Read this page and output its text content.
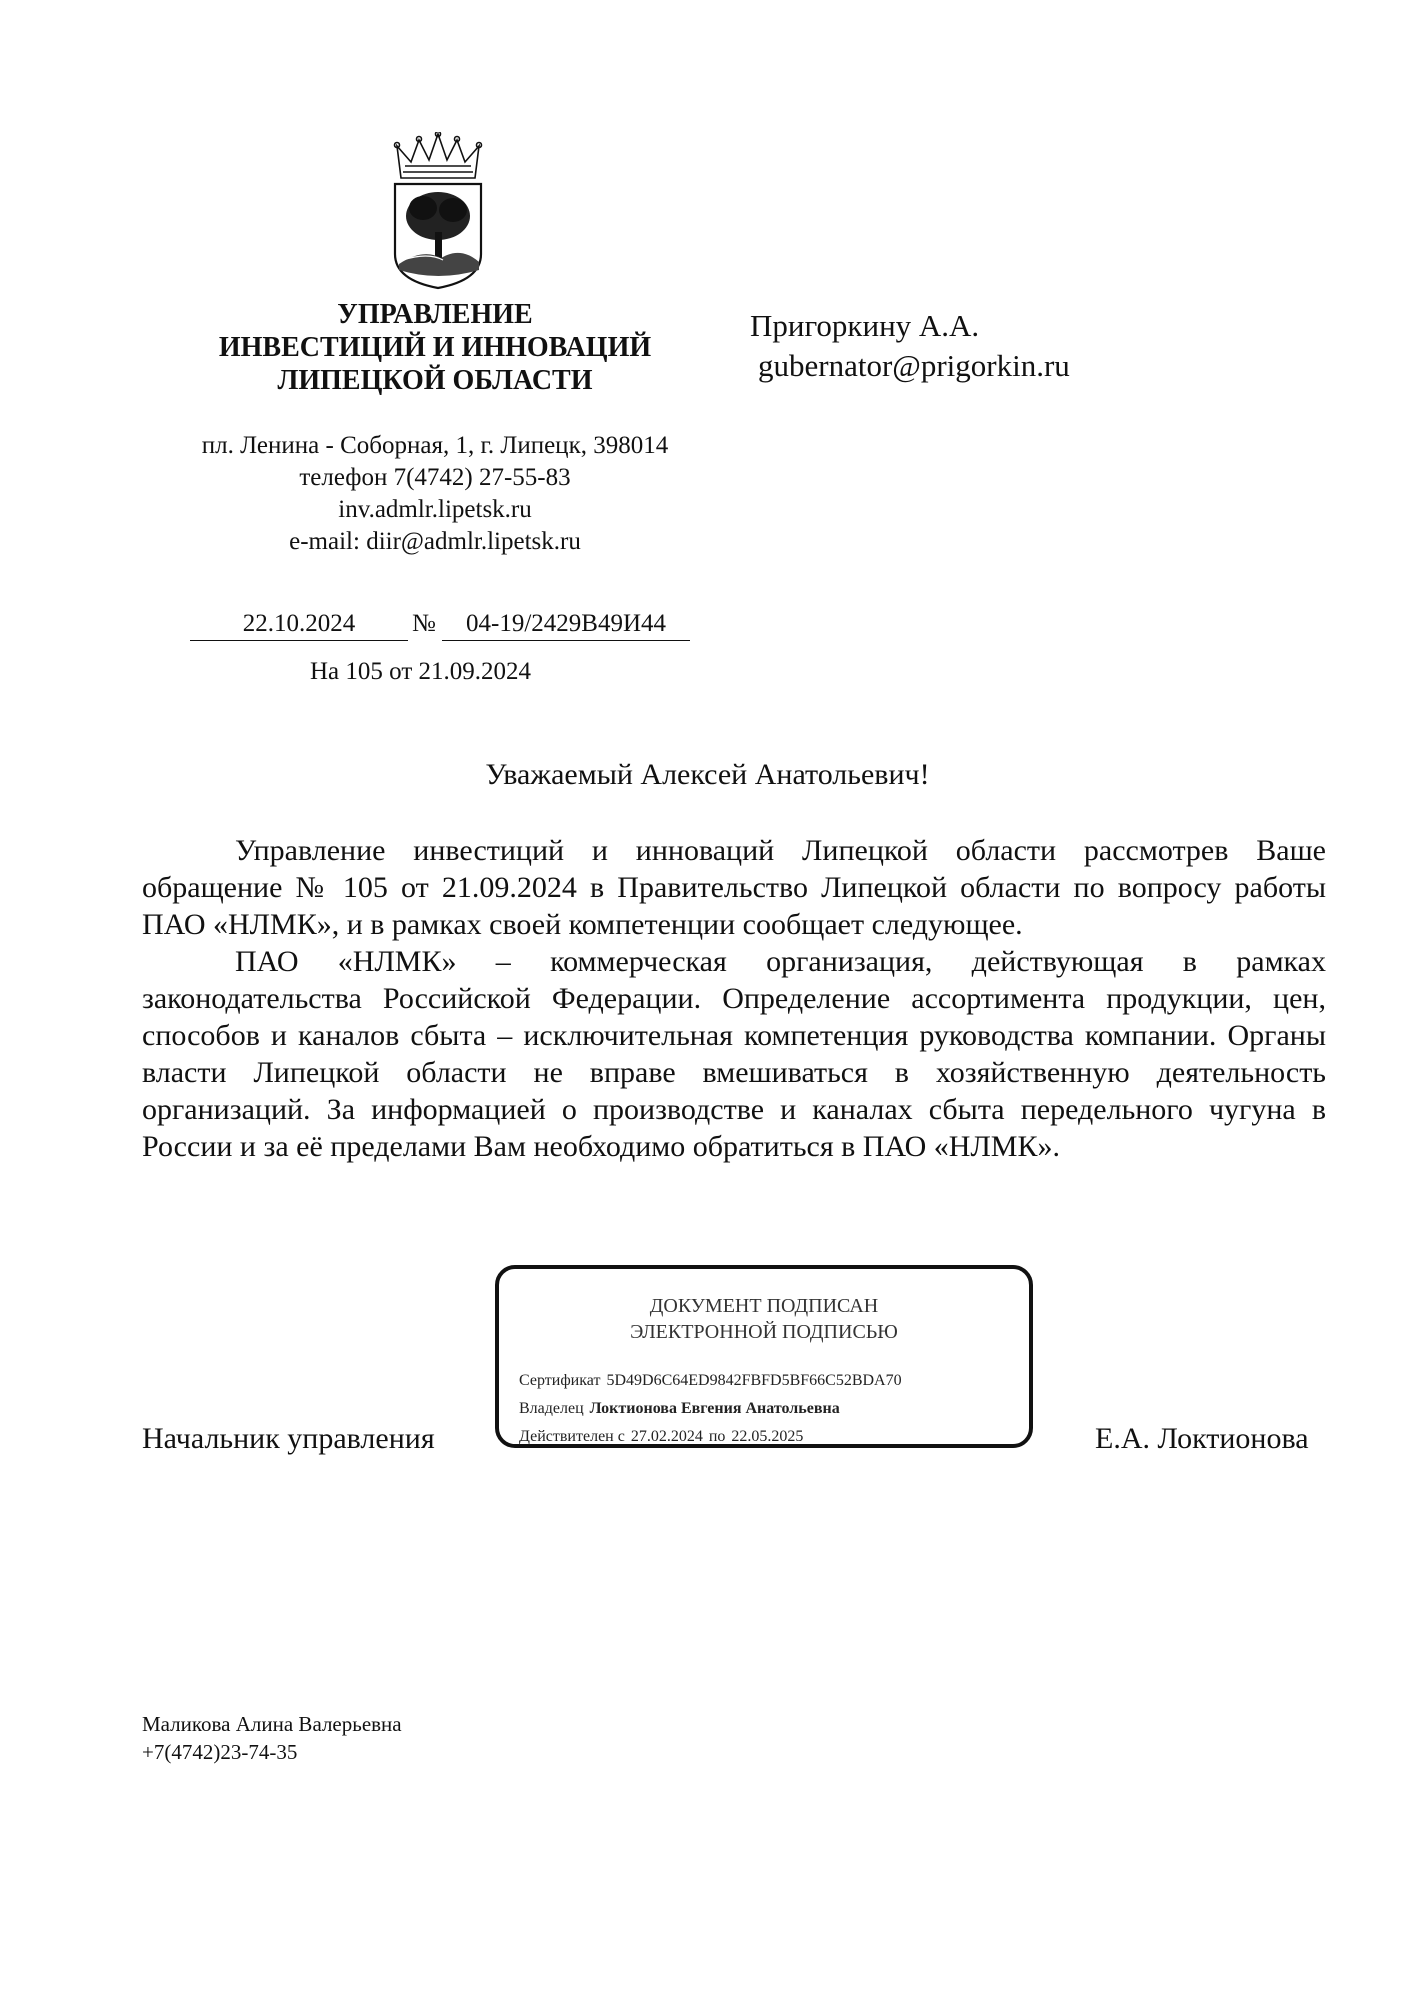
УПРАВЛЕНИЕ
ИНВЕСТИЦИЙ И ИННОВАЦИЙ
ЛИПЕЦКОЙ ОБЛАСТИ
пл. Ленина - Соборная, 1, г. Липецк, 398014
телефон 7(4742) 27-55-83
inv.admlr.lipetsk.ru
e-mail: diir@admlr.lipetsk.ru
Пригоркину А.А.
gubernator@prigorkin.ru
22.10.2024	№	04-19/2429В49И44
На 105 от 21.09.2024
Уважаемый Алексей Анатольевич!

Управление инвестиций и инноваций Липецкой области рассмотрев Ваше обращение № 105 от 21.09.2024 в Правительство Липецкой области по вопросу работы ПАО «НЛМК», и в рамках своей компетенции сообщает следующее.

ПАО «НЛМК» – коммерческая организация, действующая в рамках законодательства Российской Федерации. Определение ассортимента продукции, цен, способов и каналов сбыта – исключительная компетенция руководства компании. Органы власти Липецкой области не вправе вмешиваться в хозяйственную деятельность организаций. За информацией о производстве и каналах сбыта передельного чугуна в России и за её пределами Вам необходимо обратиться в ПАО «НЛМК».

ДОКУМЕНТ ПОДПИСАН
ЭЛЕКТРОННОЙ ПОДПИСЬЮ
Сертификат 5D49D6C64ED9842FBFD5BF66C52BDA70
Владелец Локтионова Евгения Анатольевна
Действителен с 27.02.2024 по 22.05.2025
Начальник управления	Е.А. Локтионова
Маликова Алина Валерьевна
+7(4742)23-74-35
